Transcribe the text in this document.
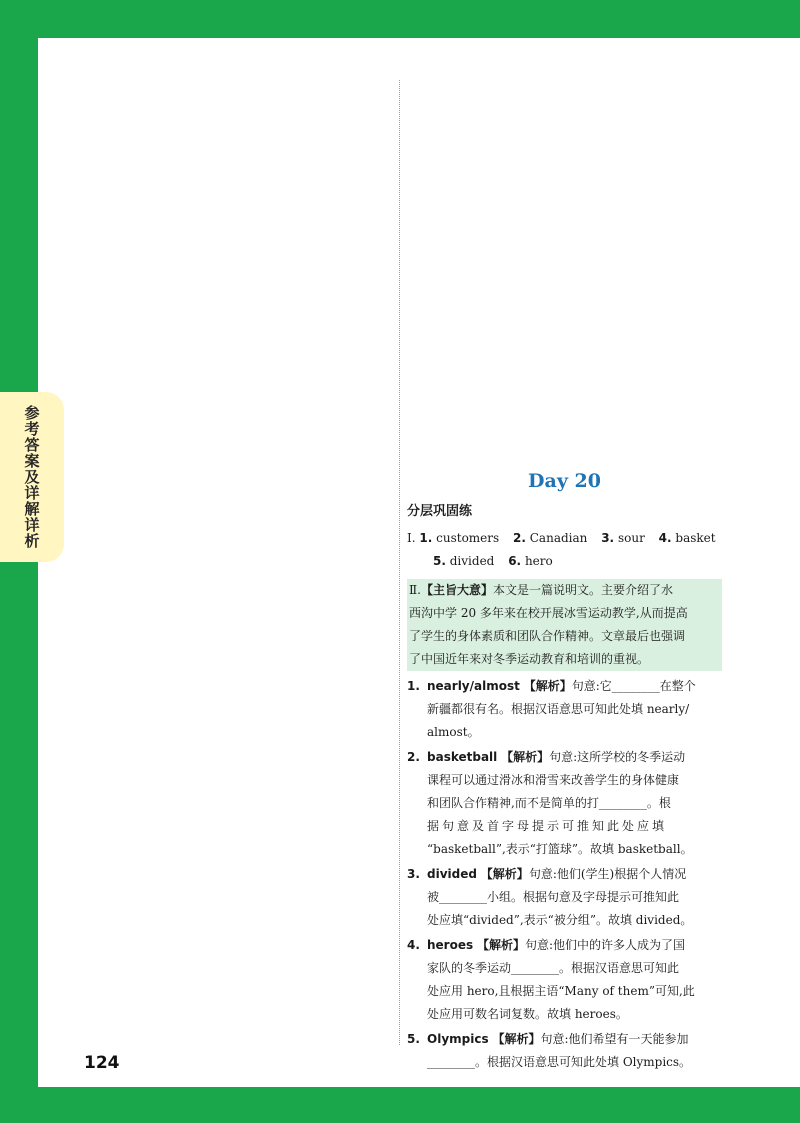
参考答案及详解详析	Day 20
分层巩固练

Ⅰ. 1. customers 2. Canadian 3. sour 4. basket

5. divided 6. hero

Ⅱ.【主旨大意】本文是一篇说明文。主要介绍了水
西沟中学 20 多年来在校开展冰雪运动教学,从而提高
了学生的身体素质和团队合作精神。文章最后也强调
了中国近年来对冬季运动教育和培训的重视。
1. nearly/almost 【解析】句意:它________在整个
新疆都很有名。根据汉语意思可知此处填 nearly/
almost。
2. basketball 【解析】句意:这所学校的冬季运动
课程可以通过滑冰和滑雪来改善学生的身体健康
和团队合作精神,而不是简单的打________。根
据句意及首字母提示可推知此处应填
“basketball”,表示“打篮球”。故填 basketball。
3. divided 【解析】句意:他们(学生)根据个人情况
被________小组。根据句意及字母提示可推知此
处应填“divided”,表示“被分组”。故填 divided。
4. heroes 【解析】句意:他们中的许多人成为了国
家队的冬季运动________。根据汉语意思可知此
处应用 hero,且根据主语“Many of them”可知,此
处应用可数名词复数。故填 heroes。
5. Olympics 【解析】句意:他们希望有一天能参加
________。根据汉语意思可知此处填 Olympics。
124
